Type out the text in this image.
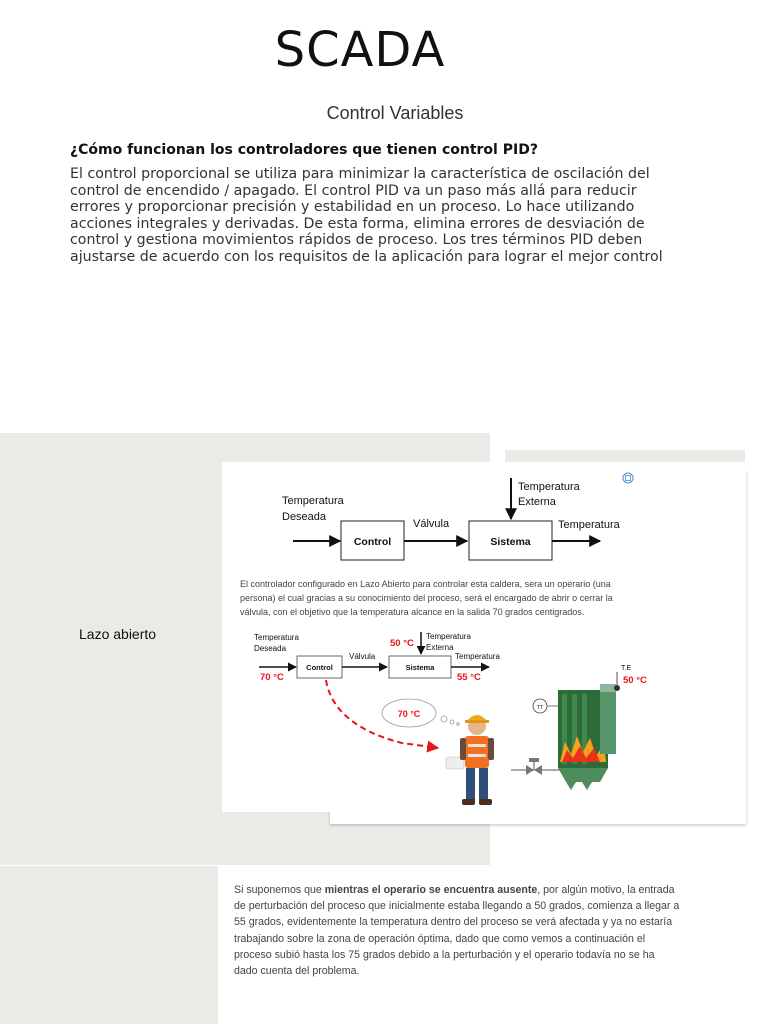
SCADA
Control Variables
¿Cómo funcionan los controladores que tienen control PID?
El control proporcional se utiliza para minimizar la característica de oscilación del
control de encendido / apagado. El control PID va un paso más allá para reducir
errores y proporcionar precisión y estabilidad en un proceso. Lo hace utilizando
acciones integrales y derivadas. De esta forma, elimina errores de desviación de
control y gestiona movimientos rápidos de proceso. Los tres términos PID deben
ajustarse de acuerdo con los requisitos de la aplicación para lograr el mejor control
Lazo abierto
Temperatura
Deseada
Control
Válvula
Sistema
Temperatura
Externa
Temperatura
Temperatura
Deseada
70 °C
Control
Válvula
Sistema
50 °C
Temperatura
Externa
Temperatura
55 °C
70 °C
TT
T.E
50 °C
El controlador configurado en Lazo Abierto para controlar esta caldera, sera un operario (una
persona) el cual gracias a su conocimiento del proceso, será el encargado de abrir o cerrar la
válvula, con el objetivo que la temperatura alcance en la salida 70 grados centigrados.
Si suponemos que mientras el operario se encuentra ausente, por algún motivo, la entrada
de perturbación del proceso que inicialmente estaba llegando a 50 grados, comienza a llegar a
55 grados, evidentemente la temperatura dentro del proceso se verá afectada y ya no estaría
trabajando sobre la zona de operación óptima, dado que como vemos a continuación el
proceso subió hasta los 75 grados debido a la perturbación y el operario todavía no se ha
dado cuenta del problema.
